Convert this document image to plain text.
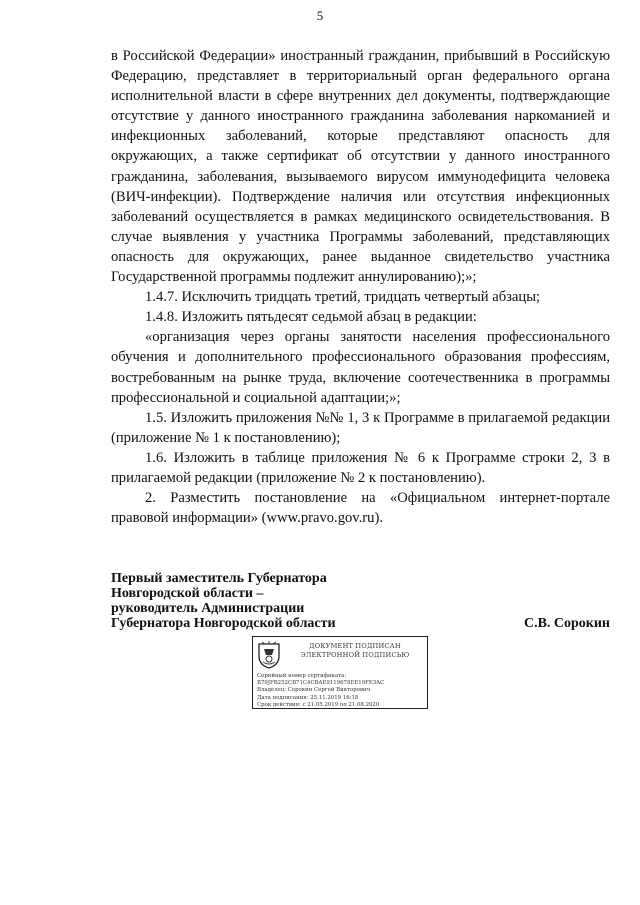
5

в Российской Федерации» иностранный гражданин, прибывший в Российскую Федерацию, представляет в территориальный орган федерального органа исполнительной власти в сфере внутренних дел документы, подтверждающие отсутствие у данного иностранного гражданина заболевания наркоманией и инфекционных заболеваний, которые представляют опасность для окружающих, а также сертификат об отсутствии у данного иностранного гражданина, заболевания, вызываемого вирусом иммунодефицита человека (ВИЧ-инфекции). Подтверждение наличия или отсутствия инфекционных заболеваний осуществляется в рамках медицинского освидетельствования. В случае выявления у участника Программы заболеваний, представляющих опасность для окружающих, ранее выданное свидетельство участника Государственной программы подлежит аннулированию);»;

1.4.7. Исключить тридцать третий, тридцать четвертый абзацы;

1.4.8. Изложить пятьдесят седьмой абзац в редакции:

«организация через органы занятости населения профессионального обучения и дополнительного профессионального образования профессиям, востребованным на рынке труда, включение соотечественника в программы профессиональной и социальной адаптации;»;

1.5. Изложить приложения №№ 1, 3 к Программе в прилагаемой редакции (приложение № 1 к постановлению);

1.6. Изложить в таблице приложения № 6 к Программе строки 2, 3 в прилагаемой редакции (приложение № 2 к постановлению).

2. Разместить постановление на «Официальном интернет-портале правовой информации» (www.pravo.gov.ru).

Первый заместитель Губернатора
Новгородской области –
руководитель Администрации
Губернатора Новгородской области	С.В. Сорокин
ДОКУМЕНТ ПОДПИСАН
ЭЛЕКТРОННОЙ ПОДПИСЬЮ
Серийный номер сертификата:
B79JFB252CB71C4CBAE9119678EE19FE3AC
Владелец: Сорокин Сергей Викторович
Дата подписания: 25.11.2019 16:18
Срок действия: с 21.05.2019 по 21.08.2020
